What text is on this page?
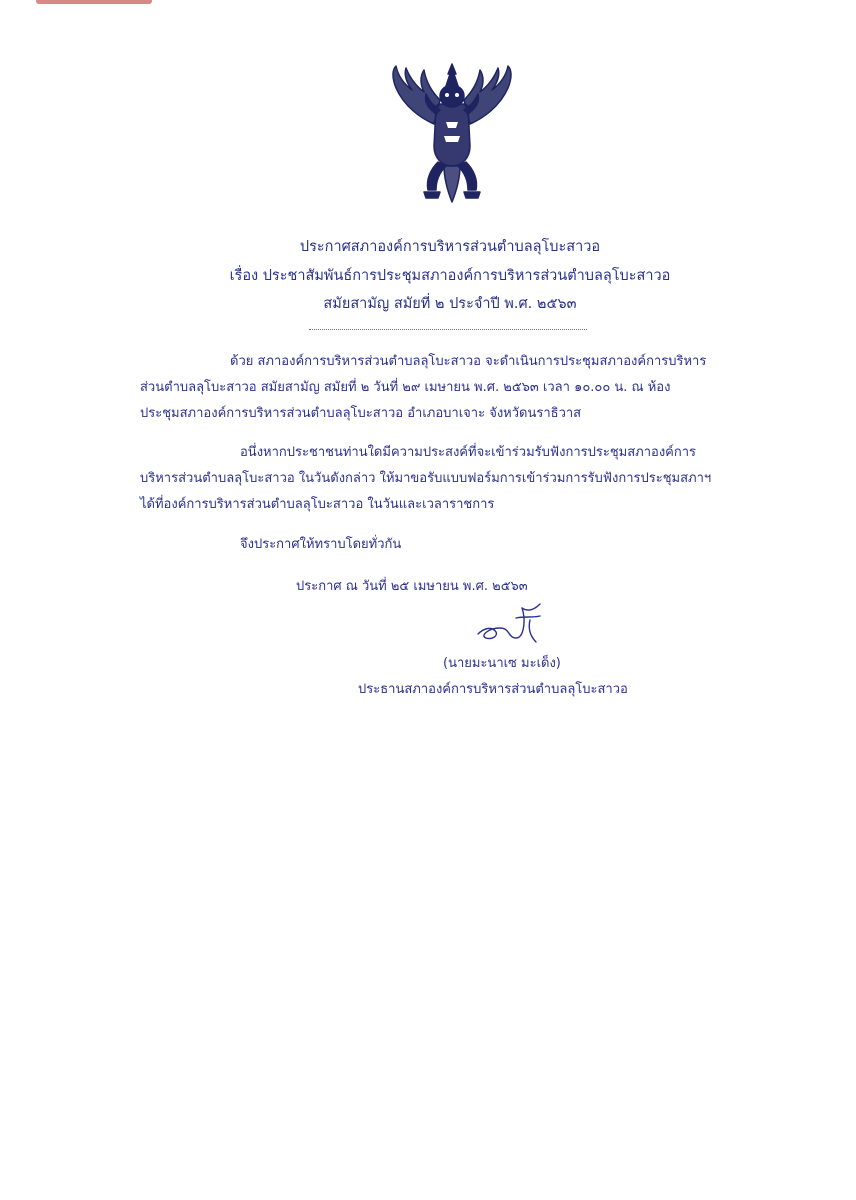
ประกาศสภาองค์การบริหารส่วนตำบลลุโบะสาวอ
เรื่อง ประชาสัมพันธ์การประชุมสภาองค์การบริหารส่วนตำบลลุโบะสาวอ
สมัยสามัญ สมัยที่ ๒ ประจำปี พ.ศ. ๒๕๖๓
ด้วย สภาองค์การบริหารส่วนตำบลลุโบะสาวอ จะดำเนินการประชุมสภาองค์การบริหาร
ส่วนตำบลลุโบะสาวอ สมัยสามัญ สมัยที่ ๒ วันที่ ๒๙ เมษายน พ.ศ. ๒๕๖๓ เวลา ๑๐.๐๐ น. ณ ห้อง
ประชุมสภาองค์การบริหารส่วนตำบลลุโบะสาวอ อำเภอบาเจาะ จังหวัดนราธิวาส
อนึ่งหากประชาชนท่านใดมีความประสงค์ที่จะเข้าร่วมรับฟังการประชุมสภาองค์การ
บริหารส่วนตำบลลุโบะสาวอ ในวันดังกล่าว ให้มาขอรับแบบฟอร์มการเข้าร่วมการรับฟังการประชุมสภาฯ
ได้ที่องค์การบริหารส่วนตำบลลุโบะสาวอ ในวันและเวลาราชการ
จึงประกาศให้ทราบโดยทั่วกัน
ประกาศ ณ วันที่ ๒๕ เมษายน พ.ศ. ๒๕๖๓
(นายมะนาเซ มะเด็ง)
ประธานสภาองค์การบริหารส่วนตำบลลุโบะสาวอ
